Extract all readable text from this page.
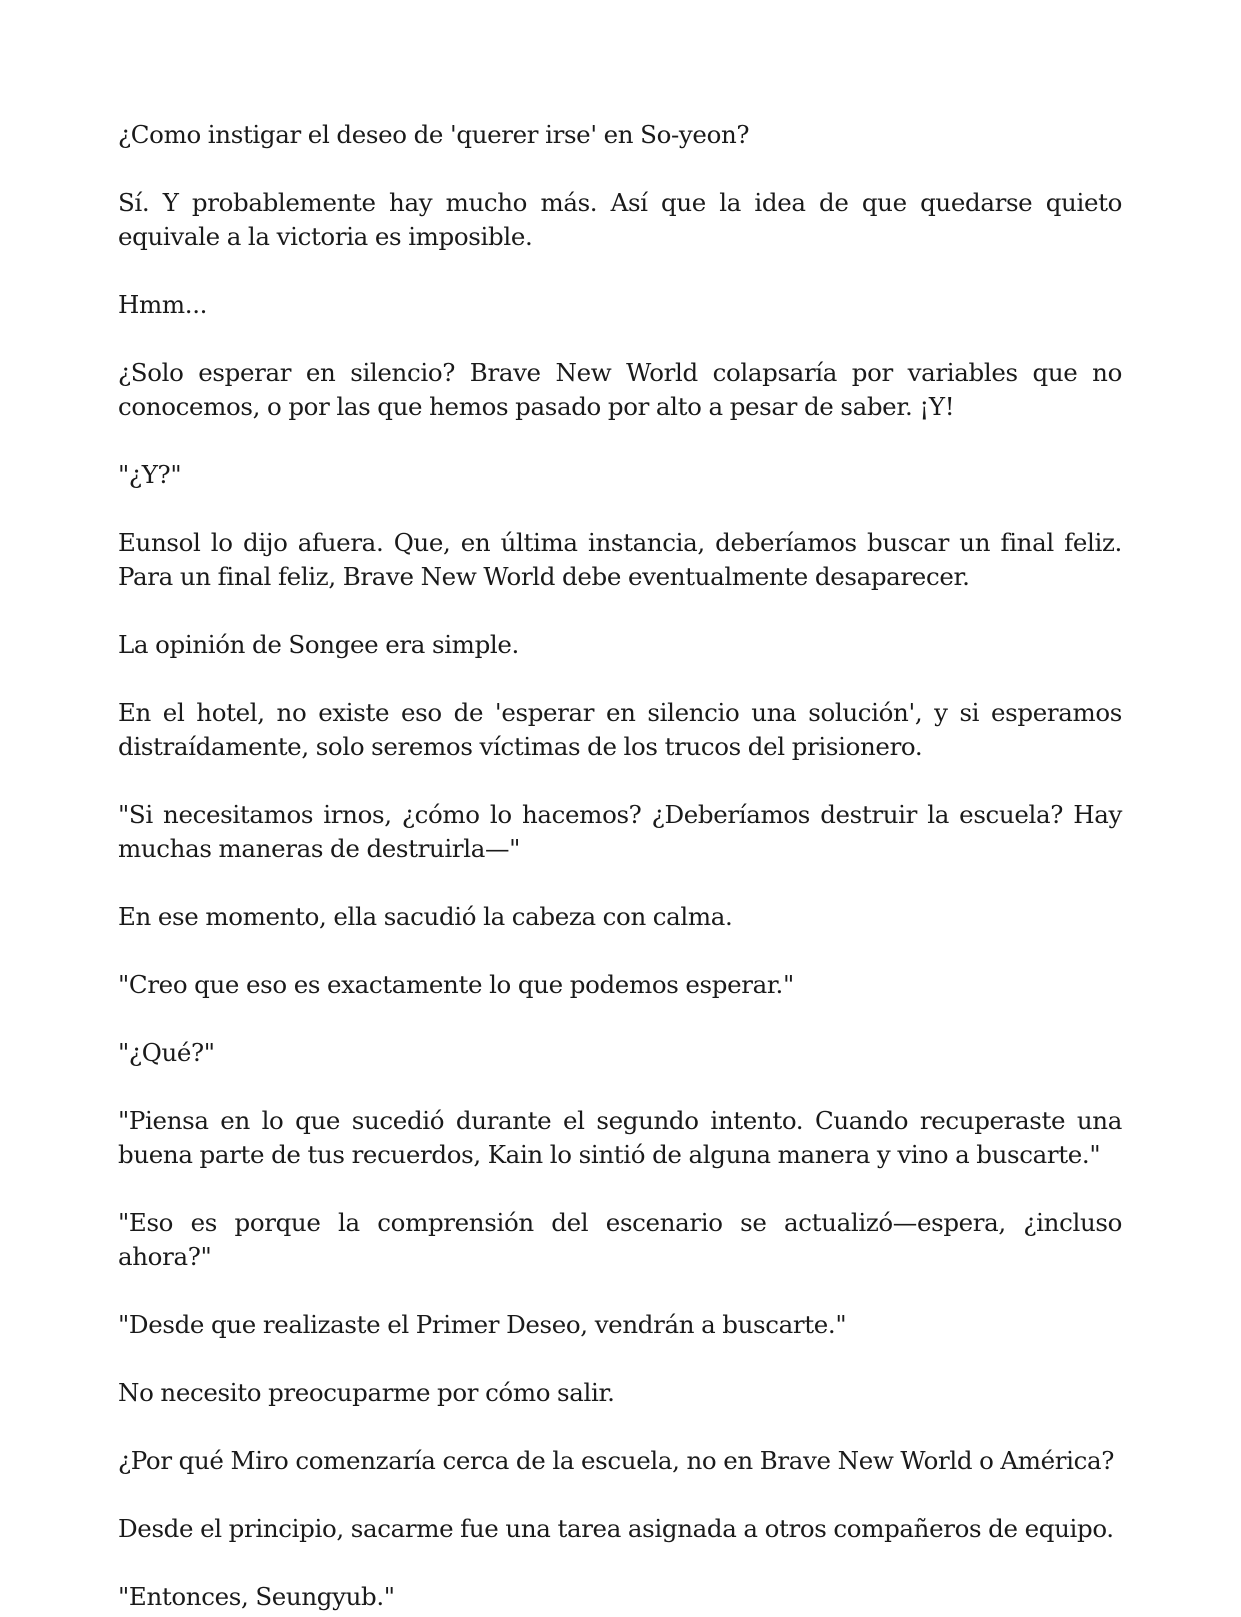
¿Como instigar el deseo de 'querer irse' en So-yeon?

Sí. Y probablemente hay mucho más. Así que la idea de que quedarse quieto equivale a la victoria es imposible.

Hmm...

¿Solo esperar en silencio? Brave New World colapsaría por variables que no conocemos, o por las que hemos pasado por alto a pesar de saber. ¡Y!

"¿Y?"

Eunsol lo dijo afuera. Que, en última instancia, deberíamos buscar un final feliz. Para un final feliz, Brave New World debe eventualmente desaparecer.

La opinión de Songee era simple.

En el hotel, no existe eso de 'esperar en silencio una solución', y si esperamos distraídamente, solo seremos víctimas de los trucos del prisionero.

"Si necesitamos irnos, ¿cómo lo hacemos? ¿Deberíamos destruir la escuela? Hay muchas maneras de destruirla—"

En ese momento, ella sacudió la cabeza con calma.

"Creo que eso es exactamente lo que podemos esperar."

"¿Qué?"

"Piensa en lo que sucedió durante el segundo intento. Cuando recuperaste una buena parte de tus recuerdos, Kain lo sintió de alguna manera y vino a buscarte."

"Eso es porque la comprensión del escenario se actualizó—espera, ¿incluso ahora?"

"Desde que realizaste el Primer Deseo, vendrán a buscarte."

No necesito preocuparme por cómo salir.

¿Por qué Miro comenzaría cerca de la escuela, no en Brave New World o América?

Desde el principio, sacarme fue una tarea asignada a otros compañeros de equipo.

"Entonces, Seungyub."
